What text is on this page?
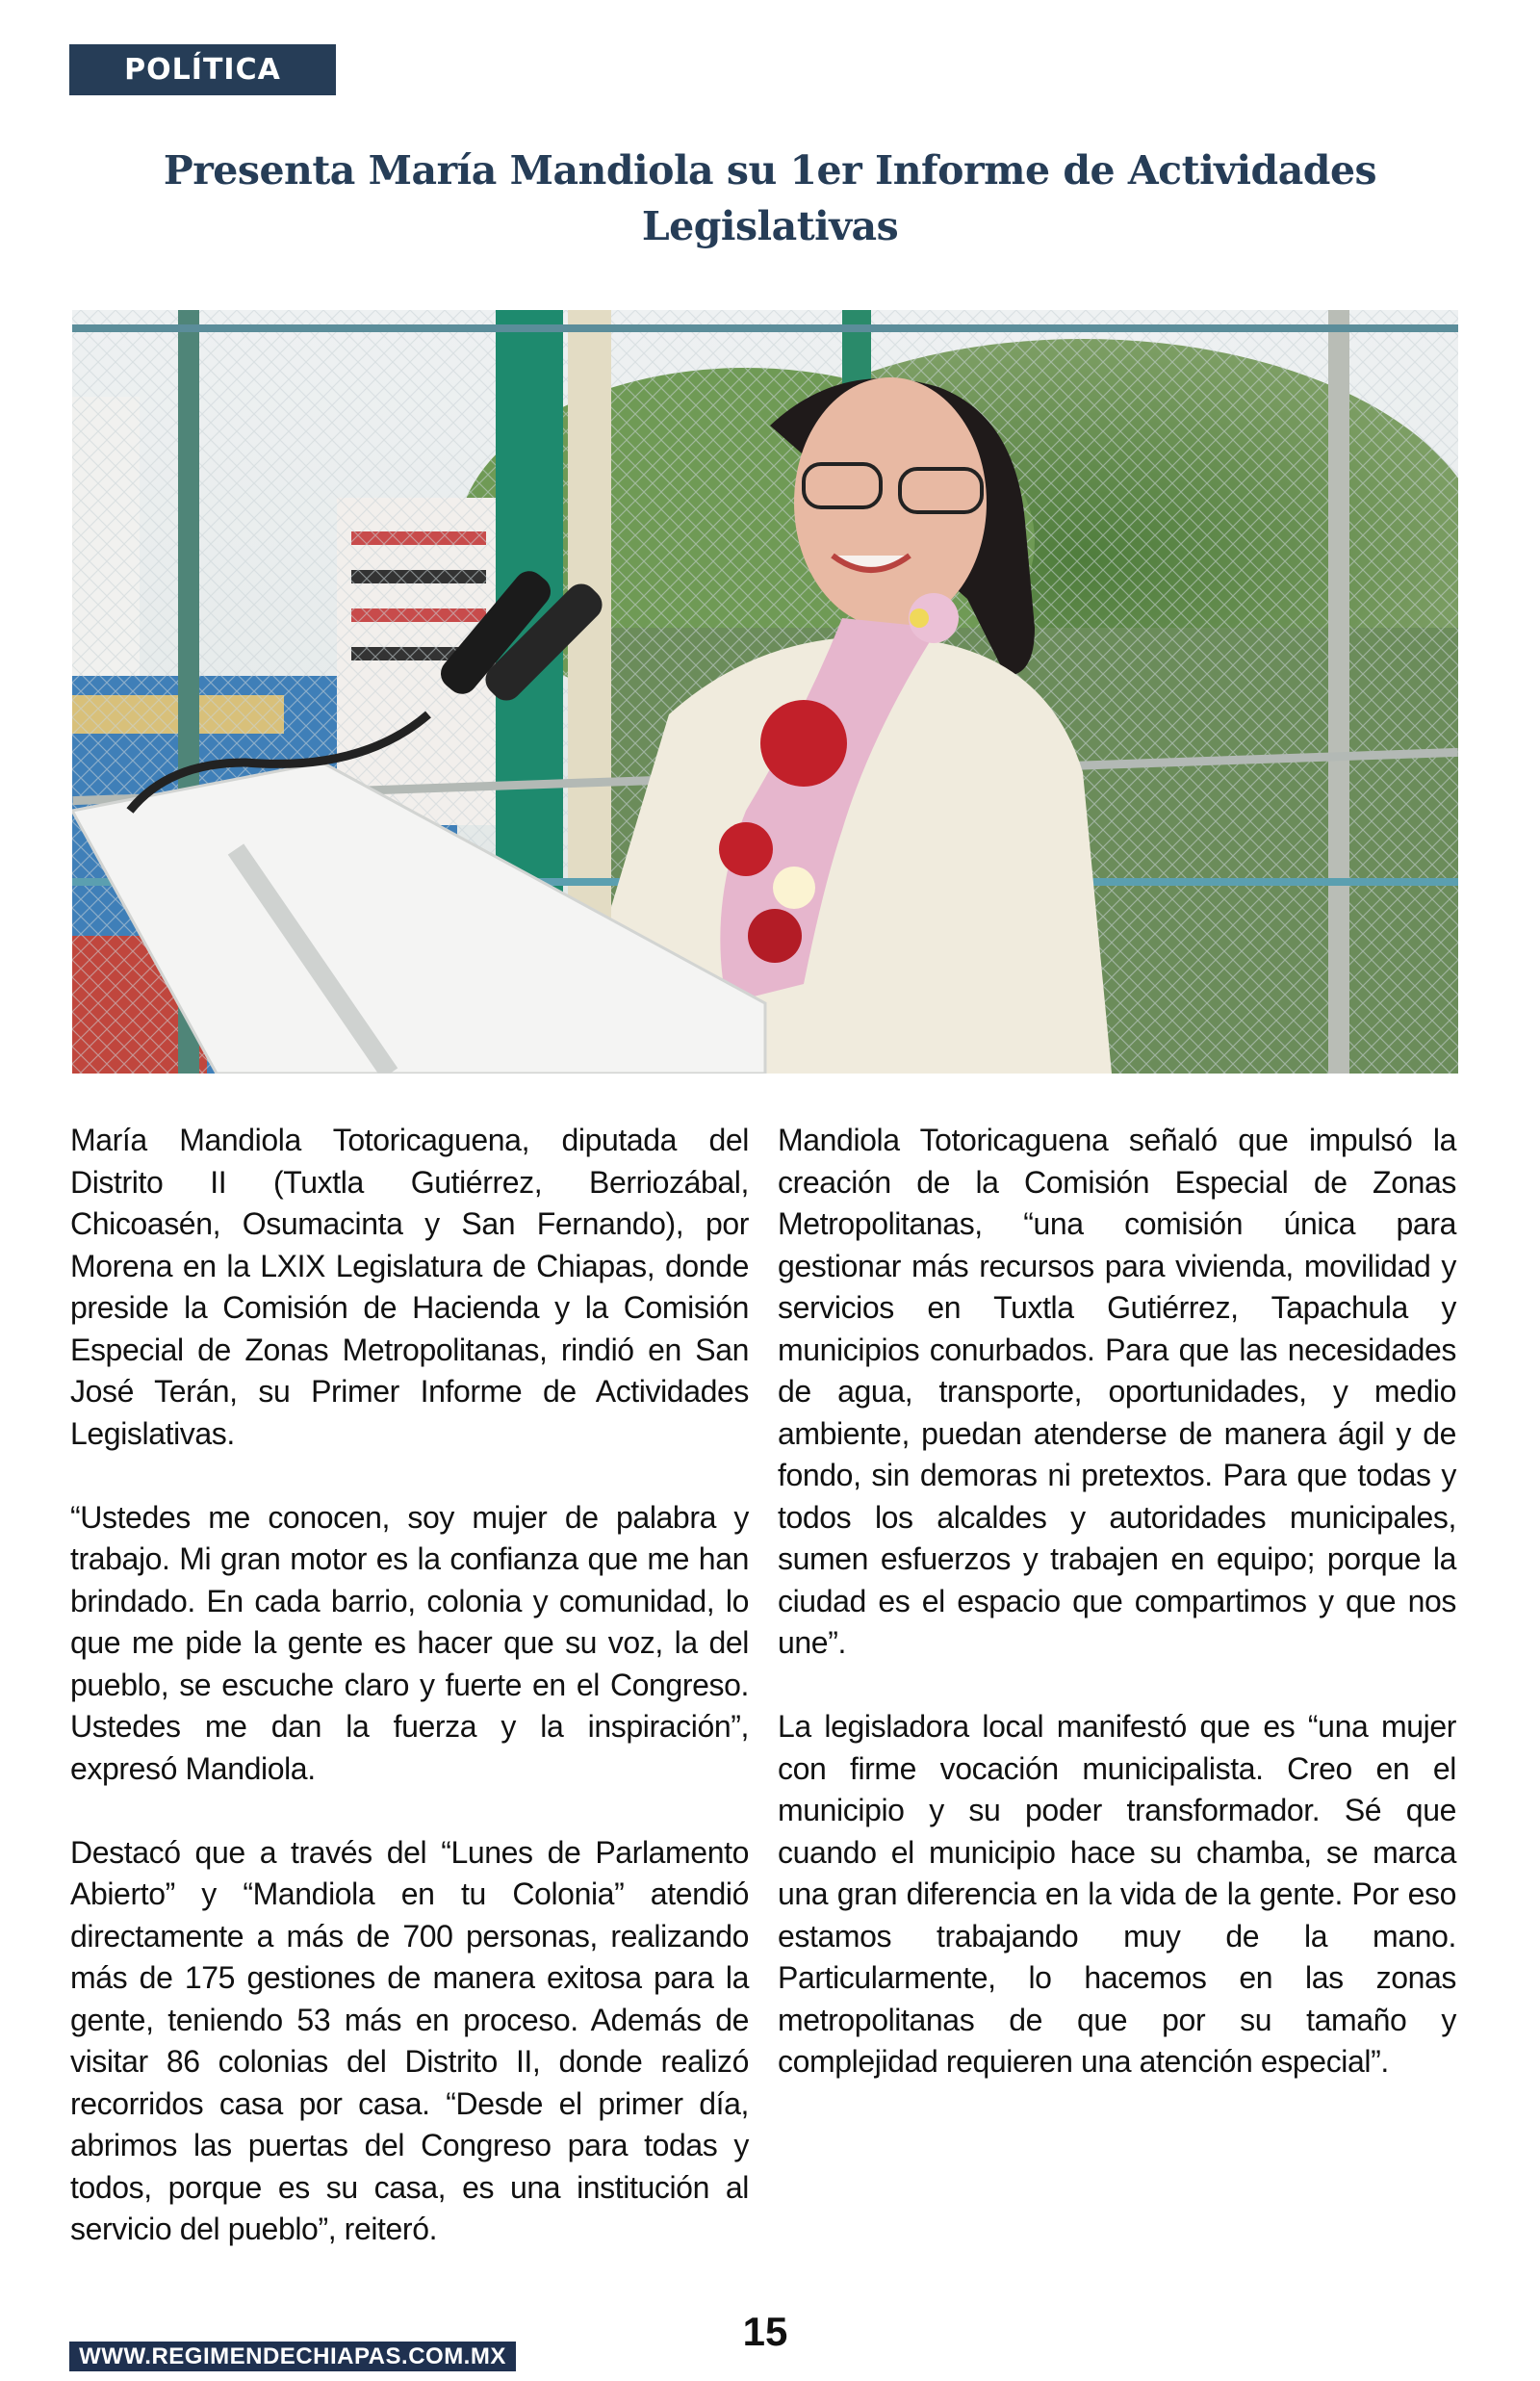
POLÍTICA
Presenta María Mandiola su 1er Informe de Actividades Legislativas

María Mandiola Totoricaguena, diputada del Distrito II (Tuxtla Gutiérrez, Berriozábal, Chicoasén, Osumacinta y San Fernando), por Morena en la LXIX Legislatura de Chiapas, donde preside la Comisión de Hacienda y la Comisión Especial de Zonas Metropolitanas, rindió en San José Terán, su Primer Informe de Actividades Legislativas.

“Ustedes me conocen, soy mujer de palabra y trabajo. Mi gran motor es la confianza que me han brindado. En cada barrio, colonia y comunidad, lo que me pide la gente es hacer que su voz, la del pueblo, se escuche claro y fuerte en el Congreso. Ustedes me dan la fuerza y la inspiración”, expresó Mandiola.

Destacó que a través del “Lunes de Parlamento Abierto” y “Mandiola en tu Colonia” atendió directamente a más de 700 personas, realizando más de 175 gestiones de manera exitosa para la gente, teniendo 53 más en proceso. Además de visitar 86 colonias del Distrito II, donde realizó recorridos casa por casa. “Desde el primer día, abrimos las puertas del Congreso para todas y todos, porque es su casa, es una institución al servicio del pueblo”, reiteró.

Mandiola Totoricaguena señaló que impulsó la creación de la Comisión Especial de Zonas Metropolitanas, “una comisión única para gestionar más recursos para vivienda, movilidad y servicios en Tuxtla Gutiérrez, Tapachula y municipios conurbados. Para que las necesidades de agua, transporte, oportunidades, y medio ambiente, puedan atenderse de manera ágil y de fondo, sin demoras ni pretextos. Para que todas y todos los alcaldes y autoridades municipales, sumen esfuerzos y trabajen en equipo; porque la ciudad es el espacio que compartimos y que nos une”.

La legisladora local manifestó que es “una mujer con firme vocación municipalista. Creo en el municipio y su poder transformador. Sé que cuando el municipio hace su chamba, se marca una gran diferencia en la vida de la gente. Por eso estamos trabajando muy de la mano. Particularmente, lo hacemos en las zonas metropolitanas de que por su tamaño y complejidad requieren una atención especial”.

WWW.REGIMENDECHIAPAS.COM.MX
15
